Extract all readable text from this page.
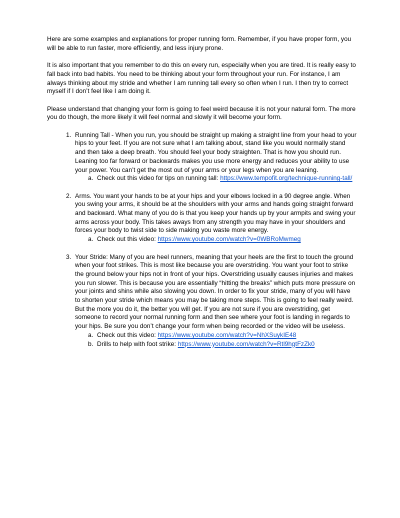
Here are some examples and explanations for proper running form. Remember, if you have proper form, you will be able to run faster, more efficiently, and less injury prone.

It is also important that you remember to do this on every run, especially when you are tired. It is really easy to fall back into bad habits. You need to be thinking about your form throughout your run. For instance, I am always thinking about my stride and whether I am running tall every so often when I run. I then try to correct myself if I don’t feel like I am doing it.

Please understand that changing your form is going to feel weird because it is not your natural form. The more you do though, the more likely it will feel normal and slowly it will become your form.

1. Running Tall - When you run, you should be straight up making a straight line from your head to your hips to your feet. If you are not sure what I am talking about, stand like you would normally stand and then take a deep breath. You should feel your body straighten. That is how you should run. Leaning too far forward or backwards makes you use more energy and reduces your ability to use your power. You can’t get the most out of your arms or your legs when you are leaning.
a. Check out this video for tips on running tall: https://www.tempofit.org/technique-running-tall/
2. Arms. You want your hands to be at your hips and your elbows locked in a 90 degree angle. When you swing your arms, it should be at the shoulders with your arms and hands going straight forward and backward. What many of you do is that you keep your hands up by your armpits and swing your arms across your body. This takes aways from any strength you may have in your shoulders and forces your body to twist side to side making you waste more energy.
a. Check out this video: https://www.youtube.com/watch?v=0WBRoMwmeg
3. Your Stride: Many of you are heel runners, meaning that your heels are the first to touch the ground when your foot strikes. This is most like because you are overstriding. You want your foot to strike the ground below your hips not in front of your hips. Overstriding usually causes injuries and makes you run slower. This is because you are essentially “hitting the breaks” which puts more pressure on your joints and shins while also slowing you down. In order to fix your stride, many of you will have to shorten your stride which means you may be taking more steps. This is going to feel really weird. But the more you do it, the better you will get. If you are not sure if you are overstriding, get someone to record your normal running form and then see where your foot is landing in regards to your hips. Be sure you don’t change your form when being recorded or the video will be useless.
a. Check out this video: https://www.youtube.com/watch?v=NhXSuykIE48
b. Drills to help with foot strike: https://www.youtube.com/watch?v=Rtl9hgtFzZk0
